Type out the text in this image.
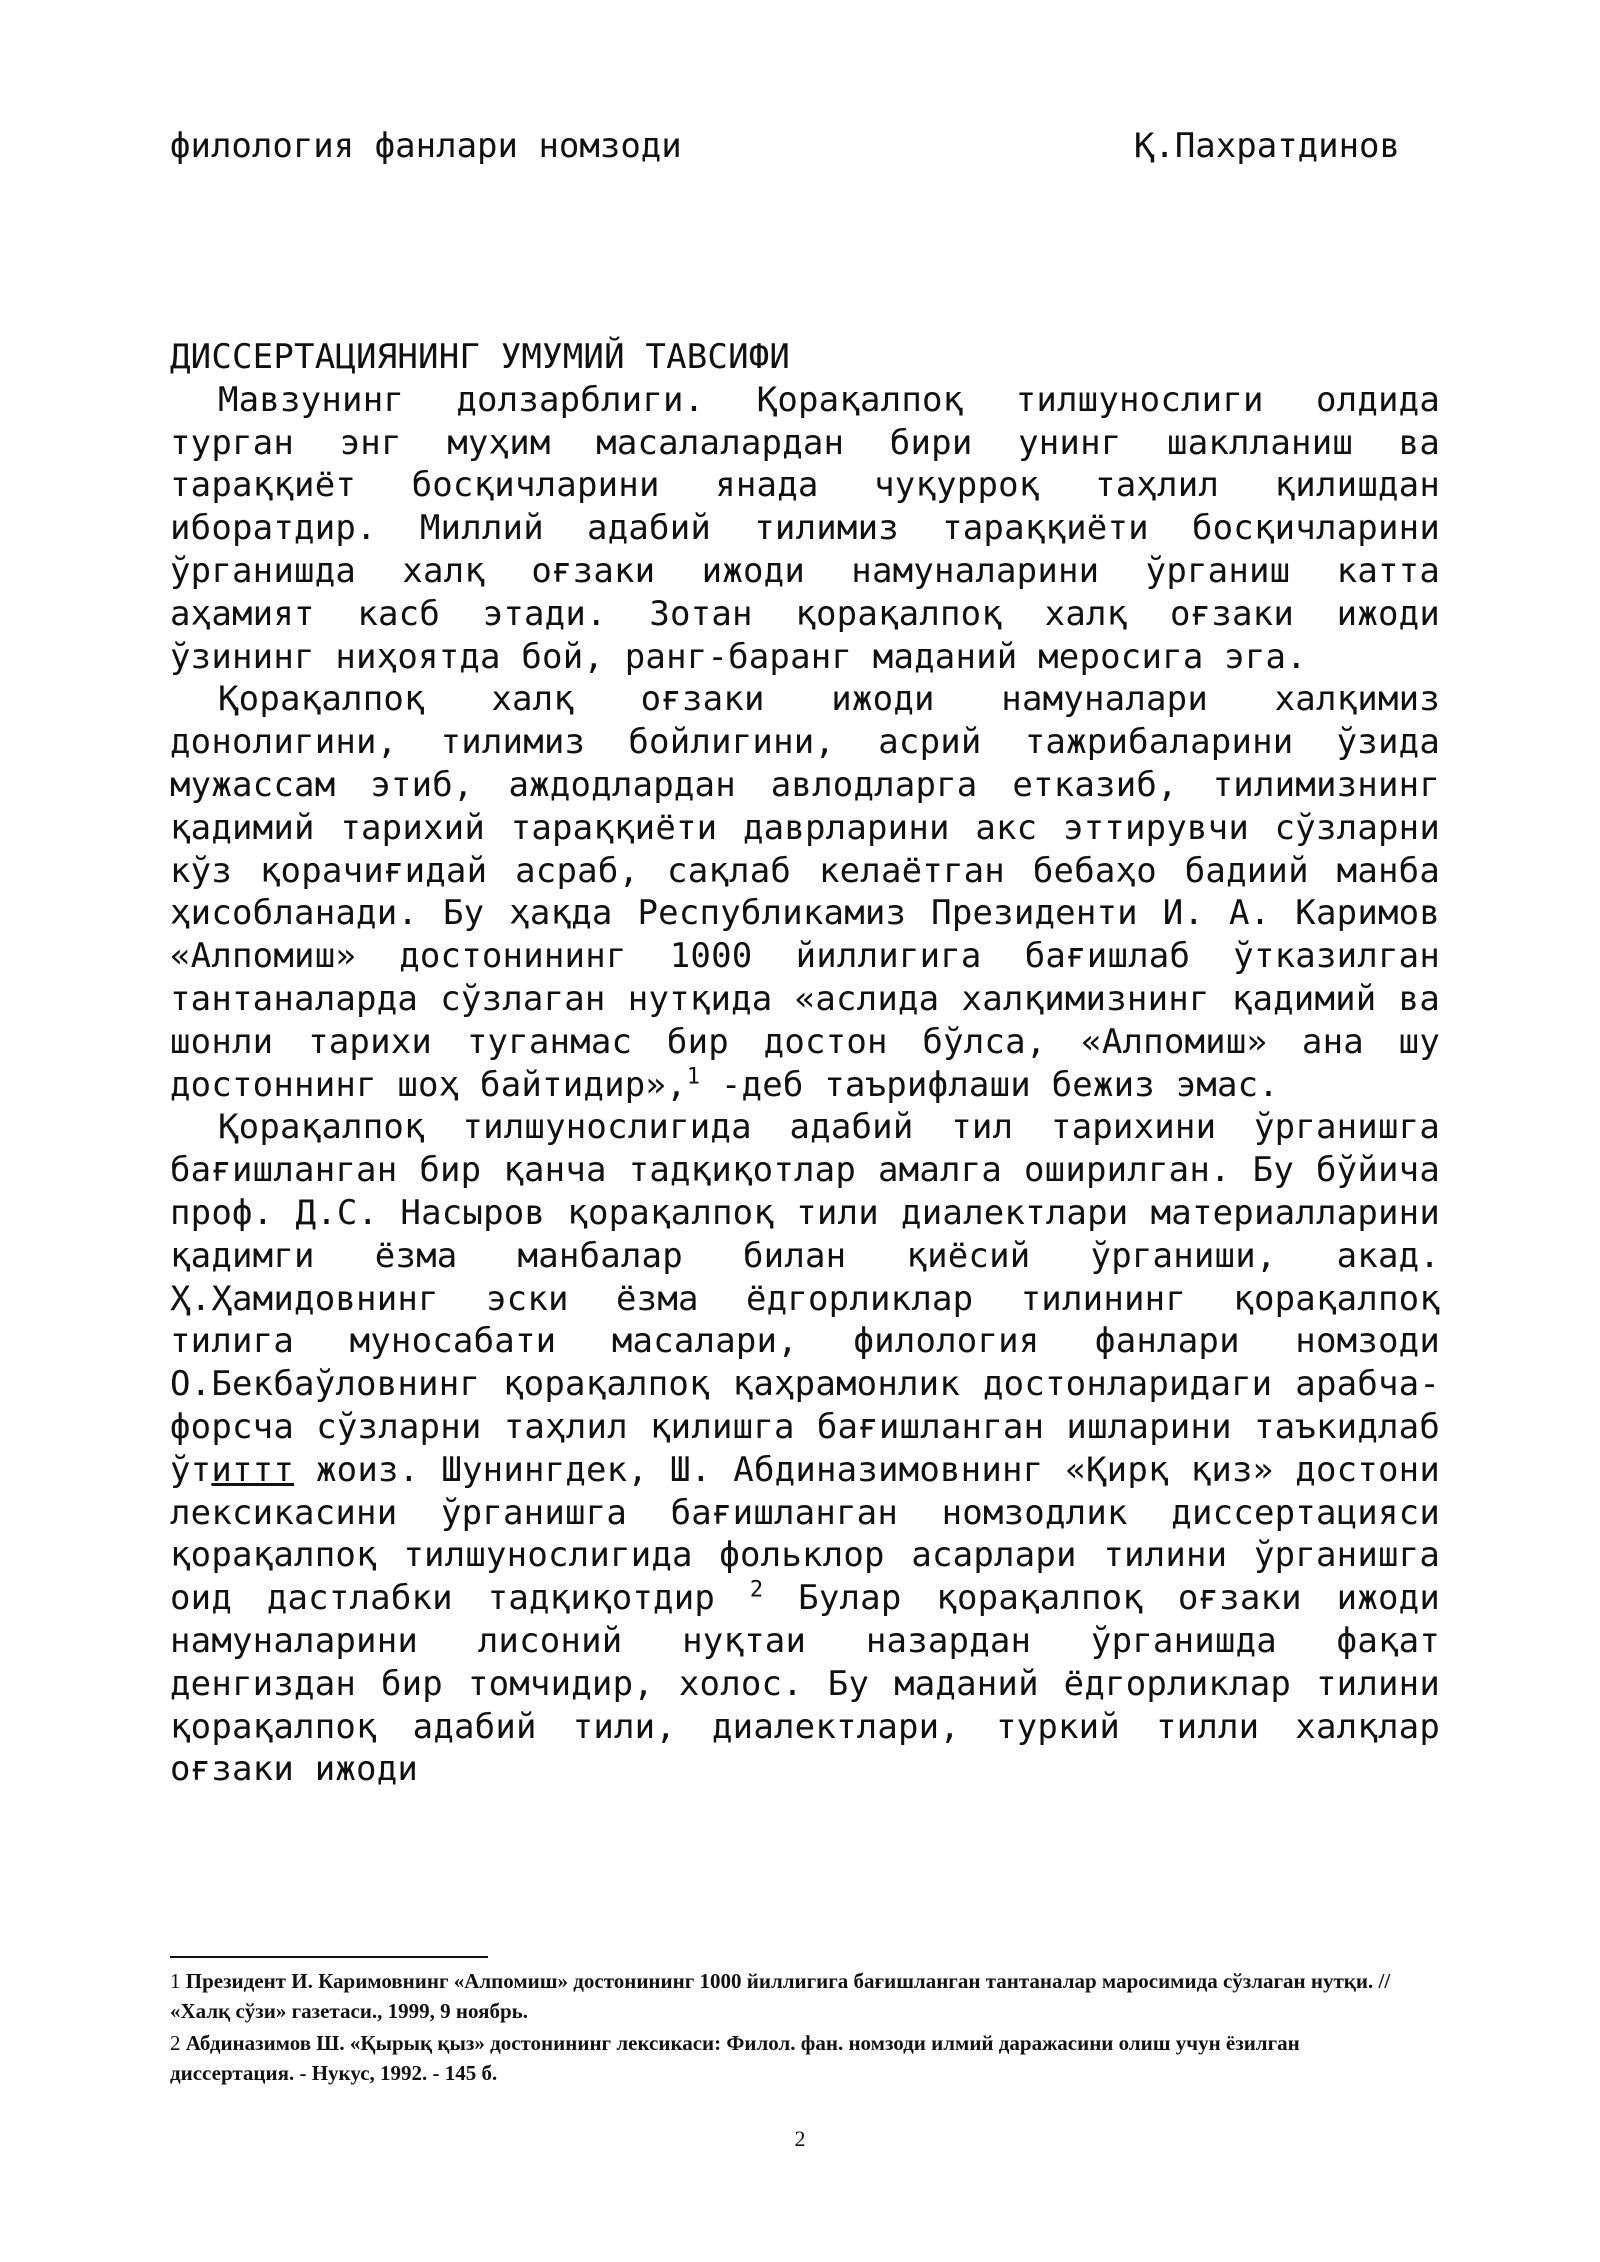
филология фанлари номзоди	Қ.Пахратдинов
ДИССЕРТАЦИЯНИНГ УМУМИЙ ТАВСИФИ

Мавзунинг долзарблиги. Қорақалпоқ тилшунослиги олдида турган энг муҳим масалалардан бири унинг шаклланиш ва тараққиёт босқичларини янада чуқурроқ таҳлил қилишдан иборатдир. Миллий адабий тилимиз тараққиёти босқичларини ўрганишда халқ оғзаки ижоди намуналарини ўрганиш катта аҳамият касб этади. Зотан қорақалпоқ халқ оғзаки ижоди ўзининг ниҳоятда бой, ранг-баранг маданий меросига эга.

Қорақалпоқ халқ оғзаки ижоди намуналари халқимиз донолигини, тилимиз бойлигини, асрий тажрибаларини ўзида мужассам этиб, аждодлардан авлодларга етказиб, тилимизнинг қадимий тарихий тараққиёти даврларини акс эттирувчи сўзларни кўз қорачиғидай асраб, сақлаб келаётган бебаҳо бадиий манба ҳисобланади. Бу ҳақда Республикамиз Президенти И. А. Каримов «Алпомиш» достонининг 1000 йиллигига бағишлаб ўтказилган тантаналарда сўзлаган нутқида «аслида халқимизнинг қадимий ва шонли тарихи туганмас бир достон бўлса, «Алпомиш» ана шу достоннинг шоҳ байтидир»,$^1$ -деб таърифлаши бежиз эмас.

Қорақалпоқ тилшунослигида адабий тил тарихини ўрганишга бағишланган бир қанча тадқиқотлар амалга оширилган. Бу бўйича проф. Д.С. Насыров қорақалпоқ тили диалектлари материалларини қадимги ёзма манбалар билан қиёсий ўрганиши, акад. Ҳ.Ҳамидовнинг эски ёзма ёдгорликлар тилининг қорақалпоқ тилига муносабати масалари, филология фанлари номзоди О.Бекбаўловнинг қорақалпоқ қаҳрамонлик достонларидаги арабча-форсча сўзларни таҳлил қилишга бағишланган ишларини таъкидлаб ўтиттт жоиз. Шунингдек, Ш. Абдиназимовнинг «Қирқ қиз» достони лексикасини ўрганишга бағишланган номзодлик диссертацияси қорақалпоқ тилшунослигида фольклор асарлари тилини ўрганишга оид дастлабки тадқиқотдир $^2$ Булар қорақалпоқ оғзаки ижоди намуналарини лисоний нуқтаи назардан ўрганишда фақат денгиздан бир томчидир, холос. Бу маданий ёдгорликлар тилини қорақалпоқ адабий тили, диалектлари, туркий тилли халқлар оғзаки ижоди

1 Президент И. Каримовнинг «Алпомиш» достонининг 1000 йиллигига бағишланган тантаналар маросимида сўзлаган нутқи. // «Халқ сўзи» газетаси., 1999, 9 ноябрь.

2 Абдиназимов Ш. «Қырық қыз» достонининг лексикаси: Филол. фан. номзоди илмий даражасини олиш учун ёзилган диссертация. - Нукус, 1992. - 145 б.

2
